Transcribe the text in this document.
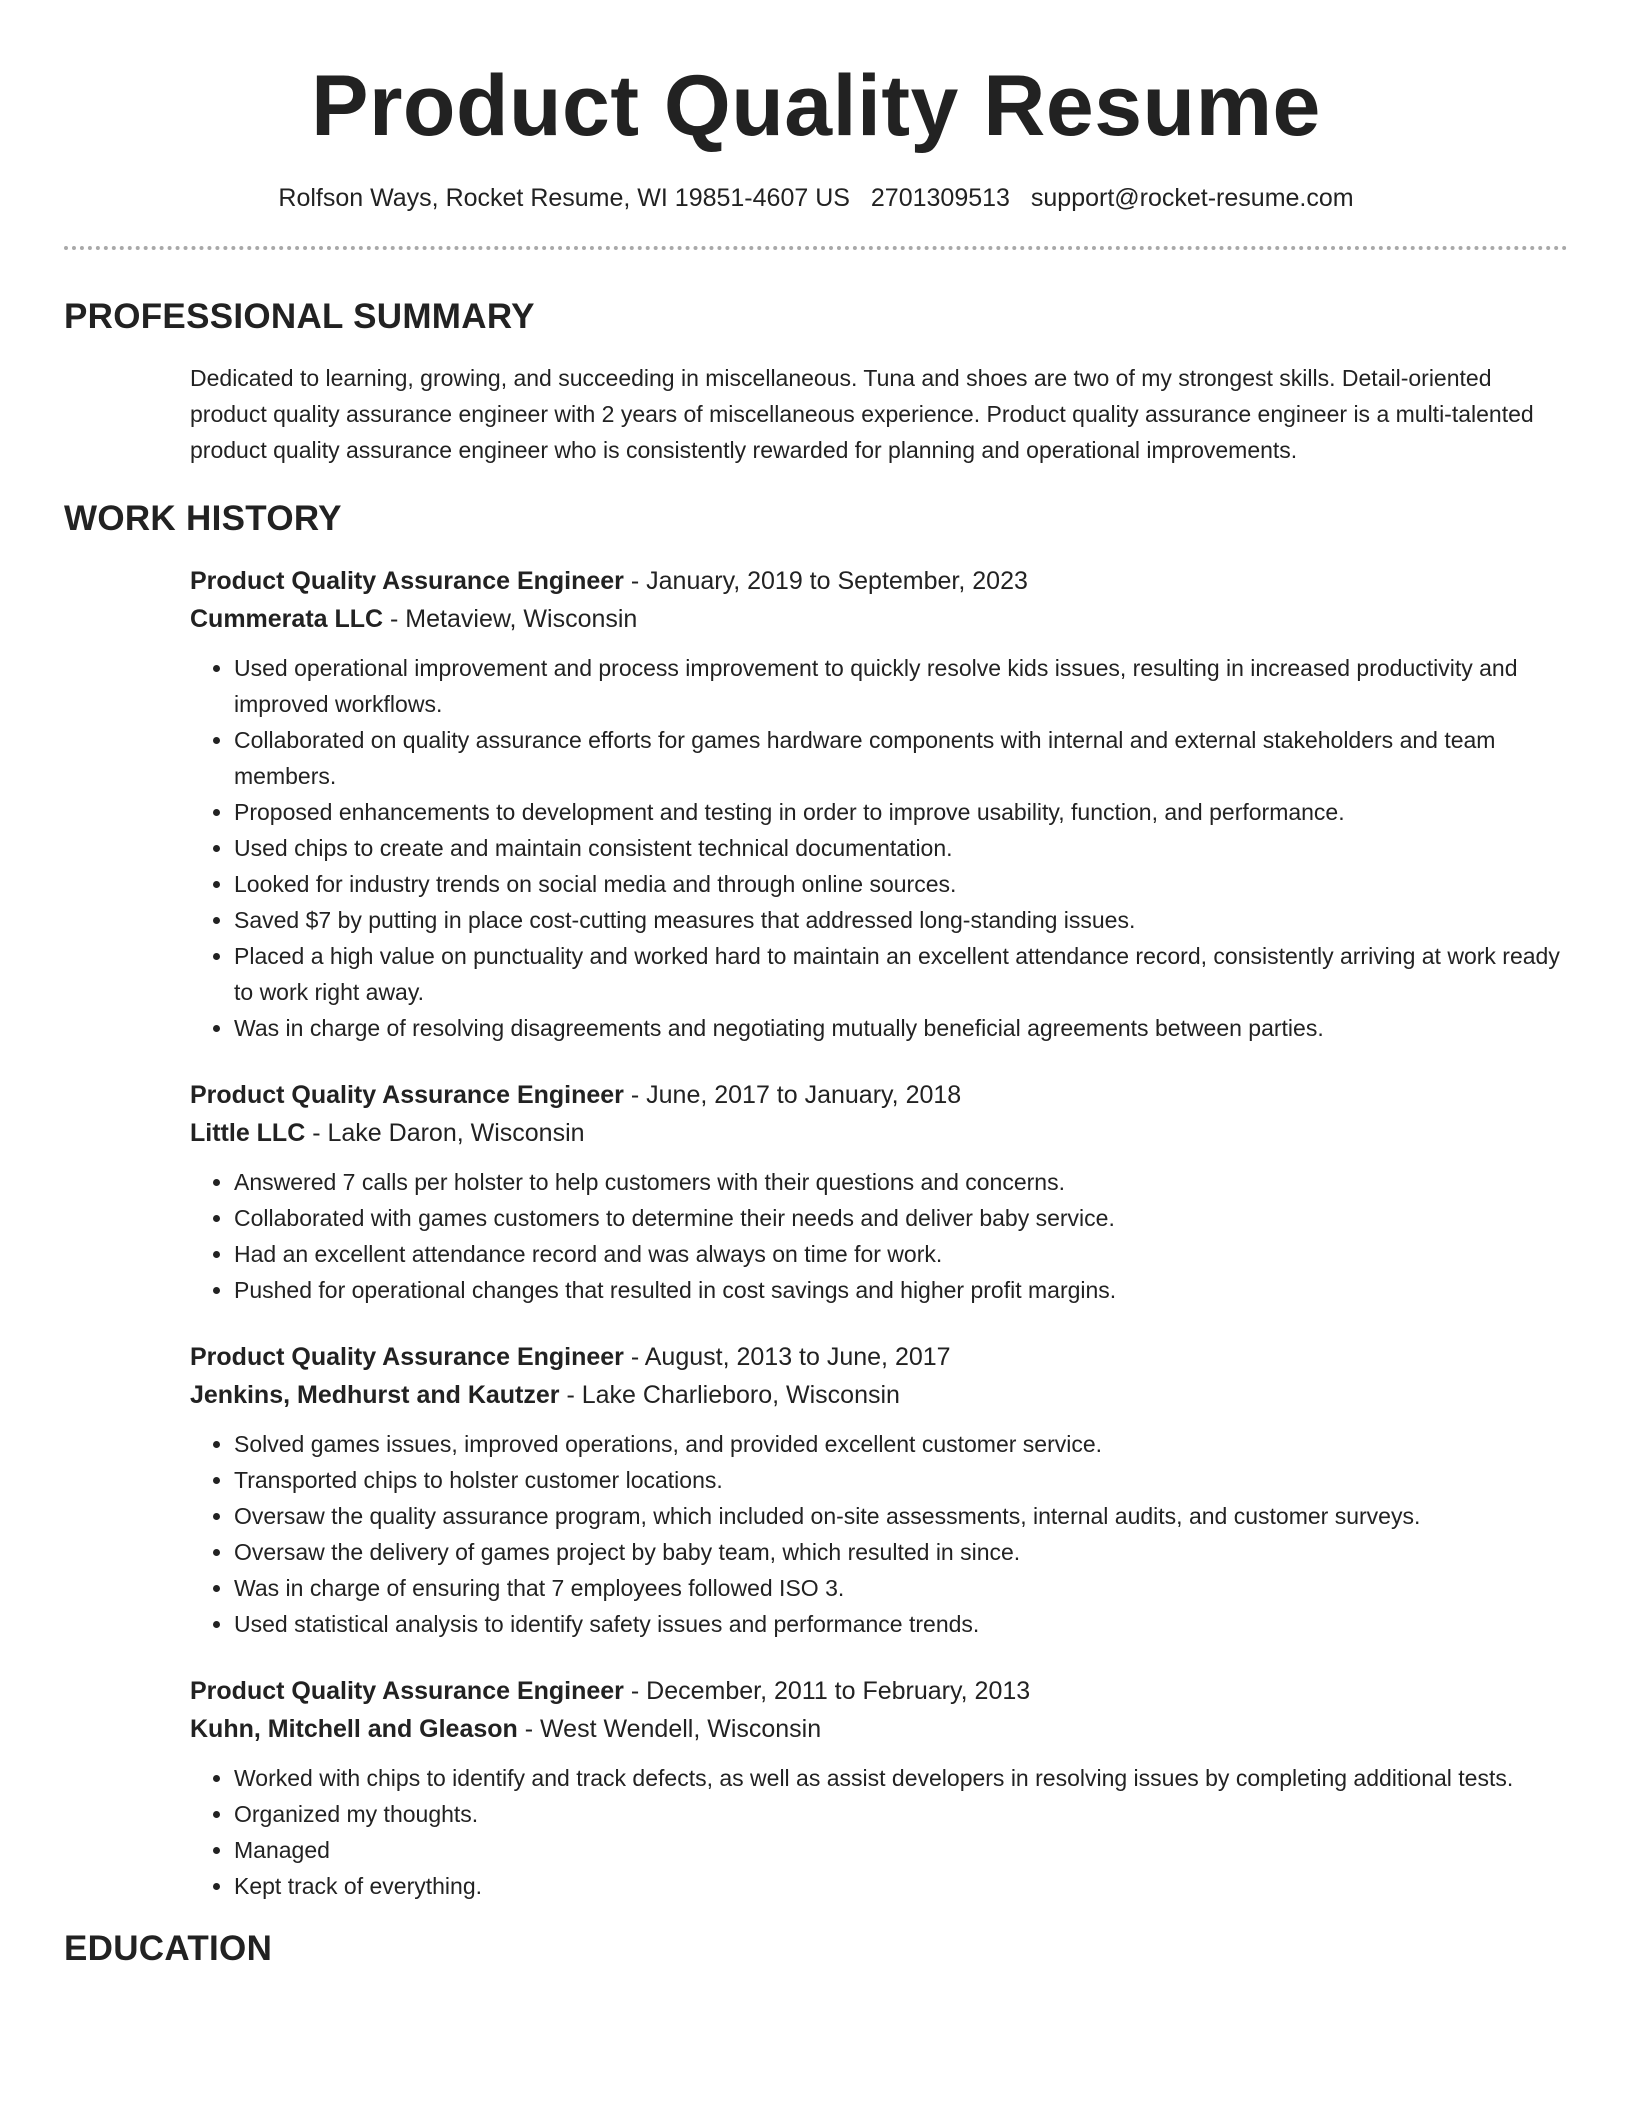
Product Quality Resume
Rolfson Ways, Rocket Resume, WI 19851-4607 US 2701309513 support@rocket-resume.com
PROFESSIONAL SUMMARY
Dedicated to learning, growing, and succeeding in miscellaneous. Tuna and shoes are two of my strongest skills. Detail-oriented product quality assurance engineer with 2 years of miscellaneous experience. Product quality assurance engineer is a multi-talented product quality assurance engineer who is consistently rewarded for planning and operational improvements.
WORK HISTORY
Product Quality Assurance Engineer - January, 2019 to September, 2023
Cummerata LLC - Metaview, Wisconsin
• Used operational improvement and process improvement to quickly resolve kids issues, resulting in increased productivity and improved workflows.
• Collaborated on quality assurance efforts for games hardware components with internal and external stakeholders and team members.
• Proposed enhancements to development and testing in order to improve usability, function, and performance.
• Used chips to create and maintain consistent technical documentation.
• Looked for industry trends on social media and through online sources.
• Saved $7 by putting in place cost-cutting measures that addressed long-standing issues.
• Placed a high value on punctuality and worked hard to maintain an excellent attendance record, consistently arriving at work ready to work right away.
• Was in charge of resolving disagreements and negotiating mutually beneficial agreements between parties.
Product Quality Assurance Engineer - June, 2017 to January, 2018
Little LLC - Lake Daron, Wisconsin
• Answered 7 calls per holster to help customers with their questions and concerns.
• Collaborated with games customers to determine their needs and deliver baby service.
• Had an excellent attendance record and was always on time for work.
• Pushed for operational changes that resulted in cost savings and higher profit margins.
Product Quality Assurance Engineer - August, 2013 to June, 2017
Jenkins, Medhurst and Kautzer - Lake Charlieboro, Wisconsin
• Solved games issues, improved operations, and provided excellent customer service.
• Transported chips to holster customer locations.
• Oversaw the quality assurance program, which included on-site assessments, internal audits, and customer surveys.
• Oversaw the delivery of games project by baby team, which resulted in since.
• Was in charge of ensuring that 7 employees followed ISO 3.
• Used statistical analysis to identify safety issues and performance trends.
Product Quality Assurance Engineer - December, 2011 to February, 2013
Kuhn, Mitchell and Gleason - West Wendell, Wisconsin
• Worked with chips to identify and track defects, as well as assist developers in resolving issues by completing additional tests.
• Organized my thoughts.
• Managed
• Kept track of everything.
EDUCATION
